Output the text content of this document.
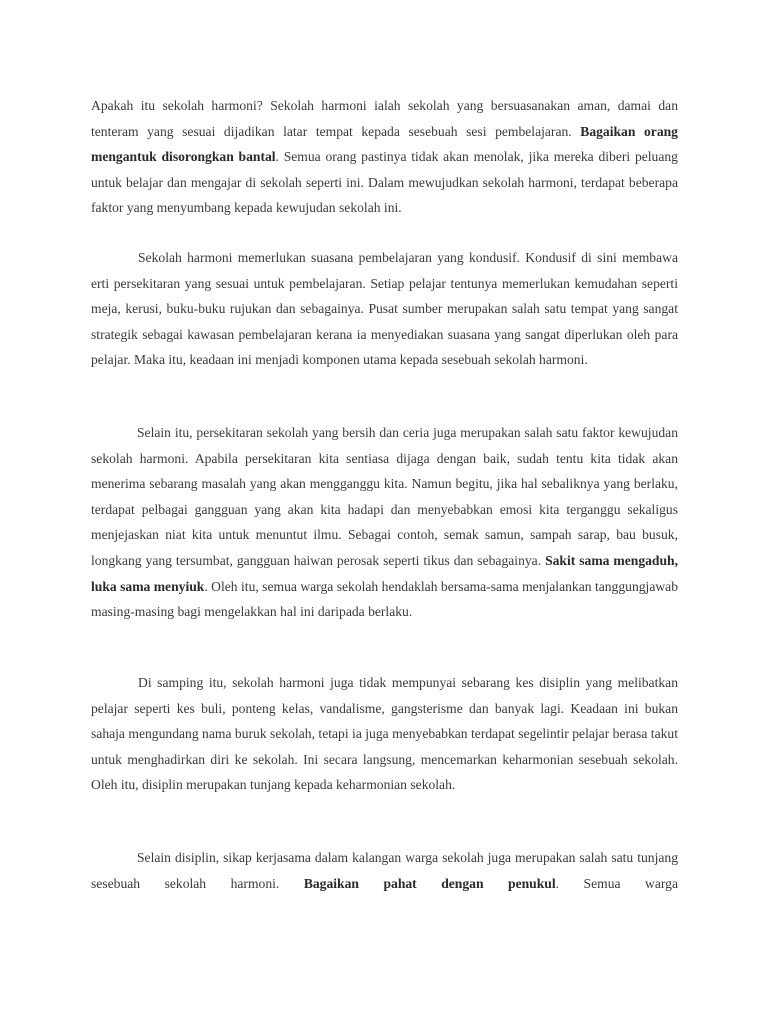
Apakah itu sekolah harmoni? Sekolah harmoni ialah sekolah yang bersuasanakan aman, damai dan tenteram yang sesuai dijadikan latar tempat kepada sesebuah sesi pembelajaran. Bagaikan orang mengantuk disorongkan bantal. Semua orang pastinya tidak akan menolak, jika mereka diberi peluang untuk belajar dan mengajar di sekolah seperti ini. Dalam mewujudkan sekolah harmoni, terdapat beberapa faktor yang menyumbang kepada kewujudan sekolah ini.

Sekolah harmoni memerlukan suasana pembelajaran yang kondusif. Kondusif di sini membawa erti persekitaran yang sesuai untuk pembelajaran. Setiap pelajar tentunya memerlukan kemudahan seperti meja, kerusi, buku-buku rujukan dan sebagainya. Pusat sumber merupakan salah satu tempat yang sangat strategik sebagai kawasan pembelajaran kerana ia menyediakan suasana yang sangat diperlukan oleh para pelajar. Maka itu, keadaan ini menjadi komponen utama kepada sesebuah sekolah harmoni.

Selain itu, persekitaran sekolah yang bersih dan ceria juga merupakan salah satu faktor kewujudan sekolah harmoni. Apabila persekitaran kita sentiasa dijaga dengan baik, sudah tentu kita tidak akan menerima sebarang masalah yang akan mengganggu kita. Namun begitu, jika hal sebaliknya yang berlaku, terdapat pelbagai gangguan yang akan kita hadapi dan menyebabkan emosi kita terganggu sekaligus menjejaskan niat kita untuk menuntut ilmu. Sebagai contoh, semak samun, sampah sarap, bau busuk, longkang yang tersumbat, gangguan haiwan perosak seperti tikus dan sebagainya. Sakit sama mengaduh, luka sama menyiuk. Oleh itu, semua warga sekolah hendaklah bersama-sama menjalankan tanggungjawab masing-masing bagi mengelakkan hal ini daripada berlaku.

Di samping itu, sekolah harmoni juga tidak mempunyai sebarang kes disiplin yang melibatkan pelajar seperti kes buli, ponteng kelas, vandalisme, gangsterisme dan banyak lagi. Keadaan ini bukan sahaja mengundang nama buruk sekolah, tetapi ia juga menyebabkan terdapat segelintir pelajar berasa takut untuk menghadirkan diri ke sekolah. Ini secara langsung, mencemarkan keharmonian sesebuah sekolah. Oleh itu, disiplin merupakan tunjang kepada keharmonian sekolah.

Selain disiplin, sikap kerjasama dalam kalangan warga sekolah juga merupakan salah satu tunjang sesebuah sekolah harmoni. Bagaikan pahat dengan penukul. Semua warga
